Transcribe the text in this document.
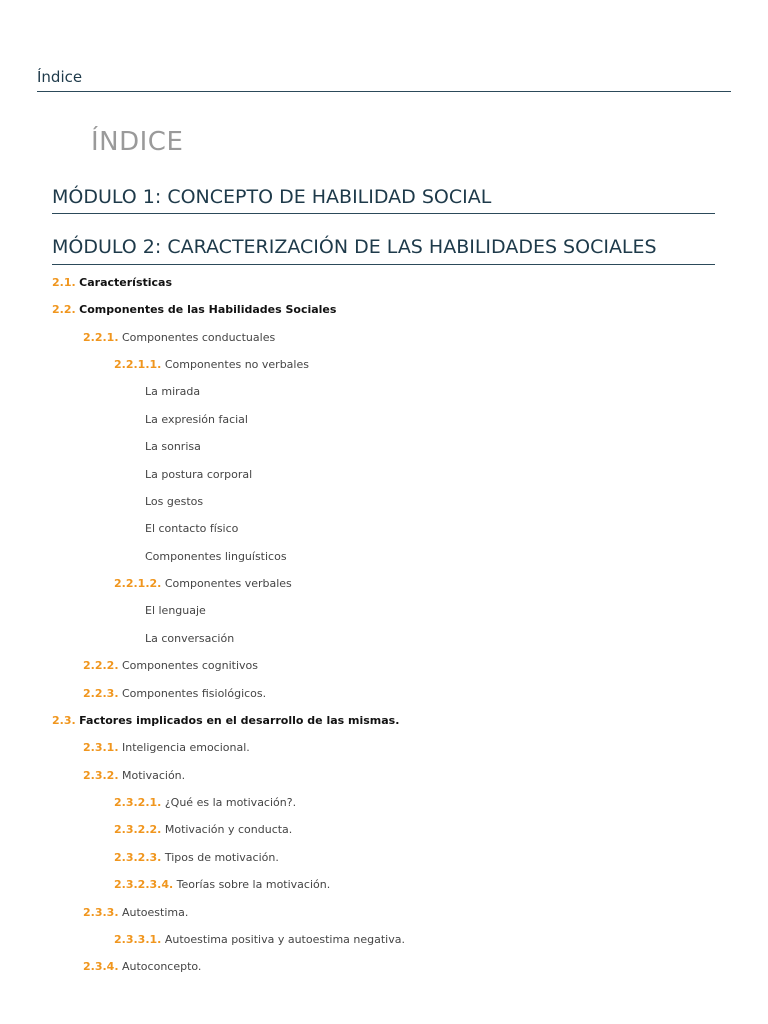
Índice
ÍNDICE
MÓDULO 1: CONCEPTO DE HABILIDAD SOCIAL
MÓDULO 2: CARACTERIZACIÓN DE LAS HABILIDADES SOCIALES
2.1. Características
2.2. Componentes de las Habilidades Sociales
2.2.1. Componentes conductuales
2.2.1.1. Componentes no verbales
La mirada
La expresión facial
La sonrisa
La postura corporal
Los gestos
El contacto físico
Componentes linguísticos
2.2.1.2. Componentes verbales
El lenguaje
La conversación
2.2.2. Componentes cognitivos
2.2.3. Componentes fisiológicos.
2.3. Factores implicados en el desarrollo de las mismas.
2.3.1. Inteligencia emocional.
2.3.2. Motivación.
2.3.2.1. ¿Qué es la motivación?.
2.3.2.2. Motivación y conducta.
2.3.2.3. Tipos de motivación.
2.3.2.3.4. Teorías sobre la motivación.
2.3.3. Autoestima.
2.3.3.1. Autoestima positiva y autoestima negativa.
2.3.4. Autoconcepto.
